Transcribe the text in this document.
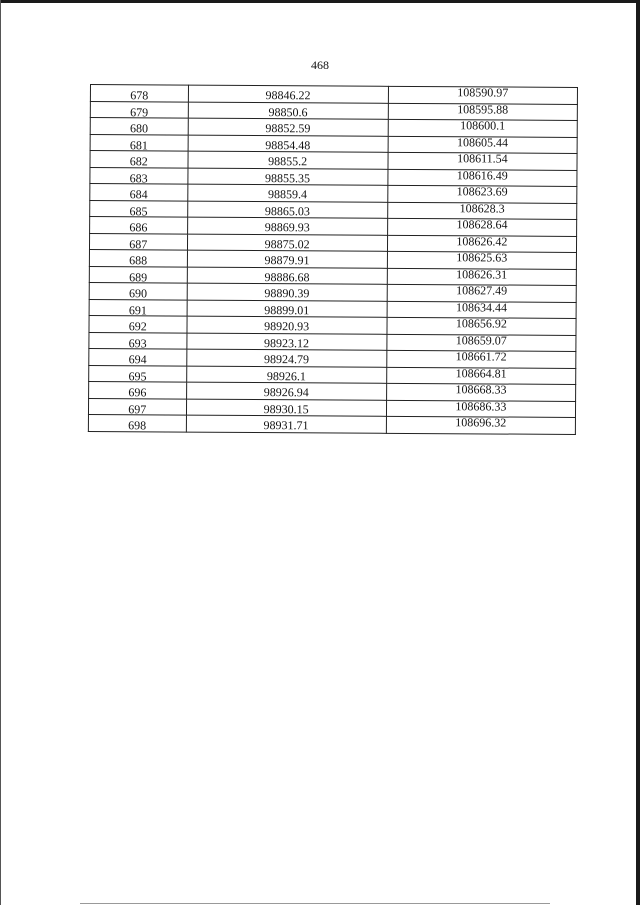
468
678	98846.22	108590.97
679	98850.6	108595.88
680	98852.59	108600.1
681	98854.48	108605.44
682	98855.2	108611.54
683	98855.35	108616.49
684	98859.4	108623.69
685	98865.03	108628.3
686	98869.93	108628.64
687	98875.02	108626.42
688	98879.91	108625.63
689	98886.68	108626.31
690	98890.39	108627.49
691	98899.01	108634.44
692	98920.93	108656.92
693	98923.12	108659.07
694	98924.79	108661.72
695	98926.1	108664.81
696	98926.94	108668.33
697	98930.15	108686.33
698	98931.71	108696.32
